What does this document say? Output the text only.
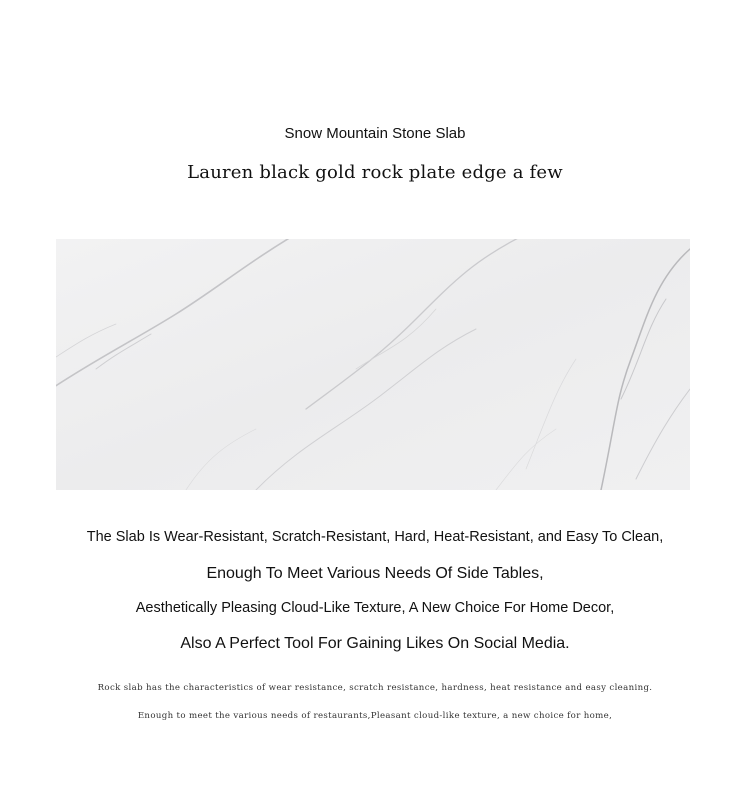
Snow Mountain Stone Slab
Lauren black gold rock plate edge a few
The Slab Is Wear-Resistant, Scratch-Resistant, Hard, Heat-Resistant, and Easy To Clean,
Enough To Meet Various Needs Of Side Tables,
Aesthetically Pleasing Cloud-Like Texture, A New Choice For Home Decor,
Also A Perfect Tool For Gaining Likes On Social Media.
Rock slab has the characteristics of wear resistance, scratch resistance, hardness, heat resistance and easy cleaning.
Enough to meet the various needs of restaurants,Pleasant cloud-like texture, a new choice for home,
